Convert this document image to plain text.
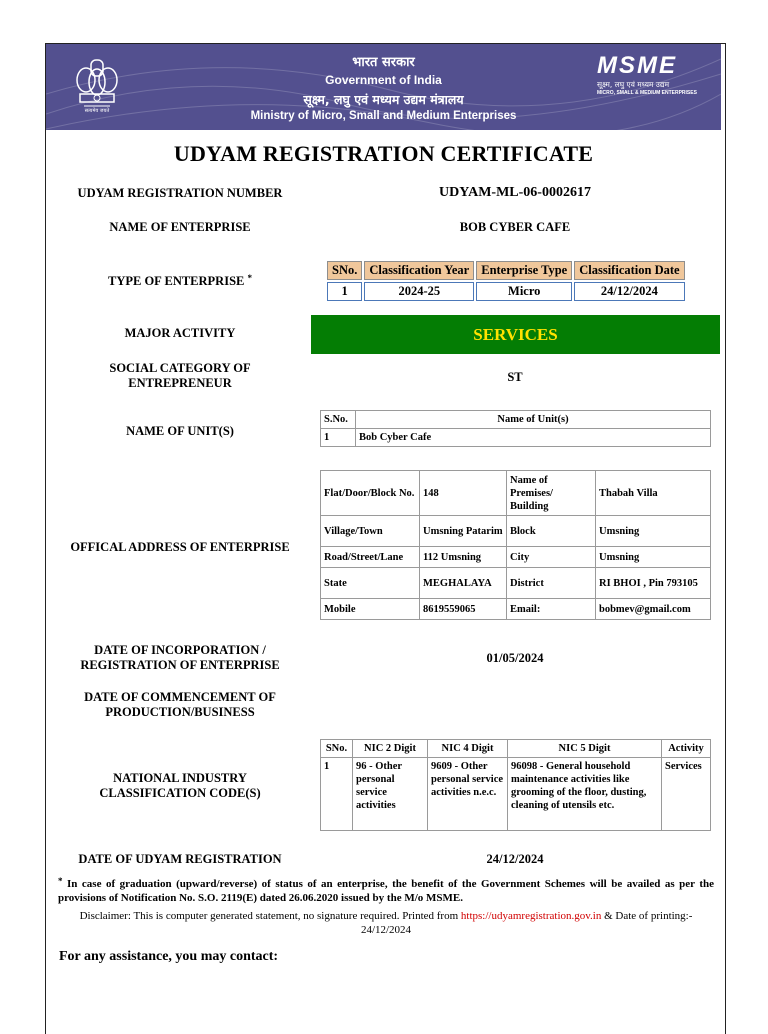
सत्यमेव जयते
भारत सरकार
Government of India
सूक्ष्म, लघु एवं मध्यम उद्यम मंत्रालय
Ministry of Micro, Small and Medium Enterprises
MSME
सूक्ष्म, लघु एवं मध्यम उद्यम
MICRO, SMALL & MEDIUM ENTERPRISES
UDYAM REGISTRATION CERTIFICATE
UDYAM REGISTRATION NUMBER	UDYAM-ML-06-0002617
NAME OF ENTERPRISE	BOB CYBER CAFE
TYPE OF ENTERPRISE *
SNo.	Classification Year	Enterprise Type	Classification Date
1	2024-25	Micro	24/12/2024
MAJOR ACTIVITY	SERVICES
SOCIAL CATEGORY OF ENTREPRENEUR	ST
NAME OF UNIT(S)
S.No.	Name of Unit(s)
1	Bob Cyber Cafe
OFFICAL ADDRESS OF ENTERPRISE
Flat/Door/Block No.	148	Name of Premises/ Building	Thabah Villa
Village/Town	Umsning Patarim	Block	Umsning
Road/Street/Lane	112 Umsning	City	Umsning
State	MEGHALAYA	District	RI BHOI , Pin 793105
Mobile	8619559065	Email:	bobmev@gmail.com
DATE OF INCORPORATION / REGISTRATION OF ENTERPRISE	01/05/2024
DATE OF COMMENCEMENT OF PRODUCTION/BUSINESS
NATIONAL INDUSTRY CLASSIFICATION CODE(S)
SNo.	NIC 2 Digit	NIC 4 Digit	NIC 5 Digit	Activity
1	96 - Other personal service activities	9609 - Other personal service activities n.e.c.	96098 - General household maintenance activities like grooming of the floor, dusting, cleaning of utensils etc.	Services
DATE OF UDYAM REGISTRATION	24/12/2024
* In case of graduation (upward/reverse) of status of an enterprise, the benefit of the Government Schemes will be availed as per the provisions of Notification No. S.O. 2119(E) dated 26.06.2020 issued by the M/o MSME.
Disclaimer: This is computer generated statement, no signature required. Printed from https://udyamregistration.gov.in & Date of printing:-
24/12/2024
For any assistance, you may contact:
